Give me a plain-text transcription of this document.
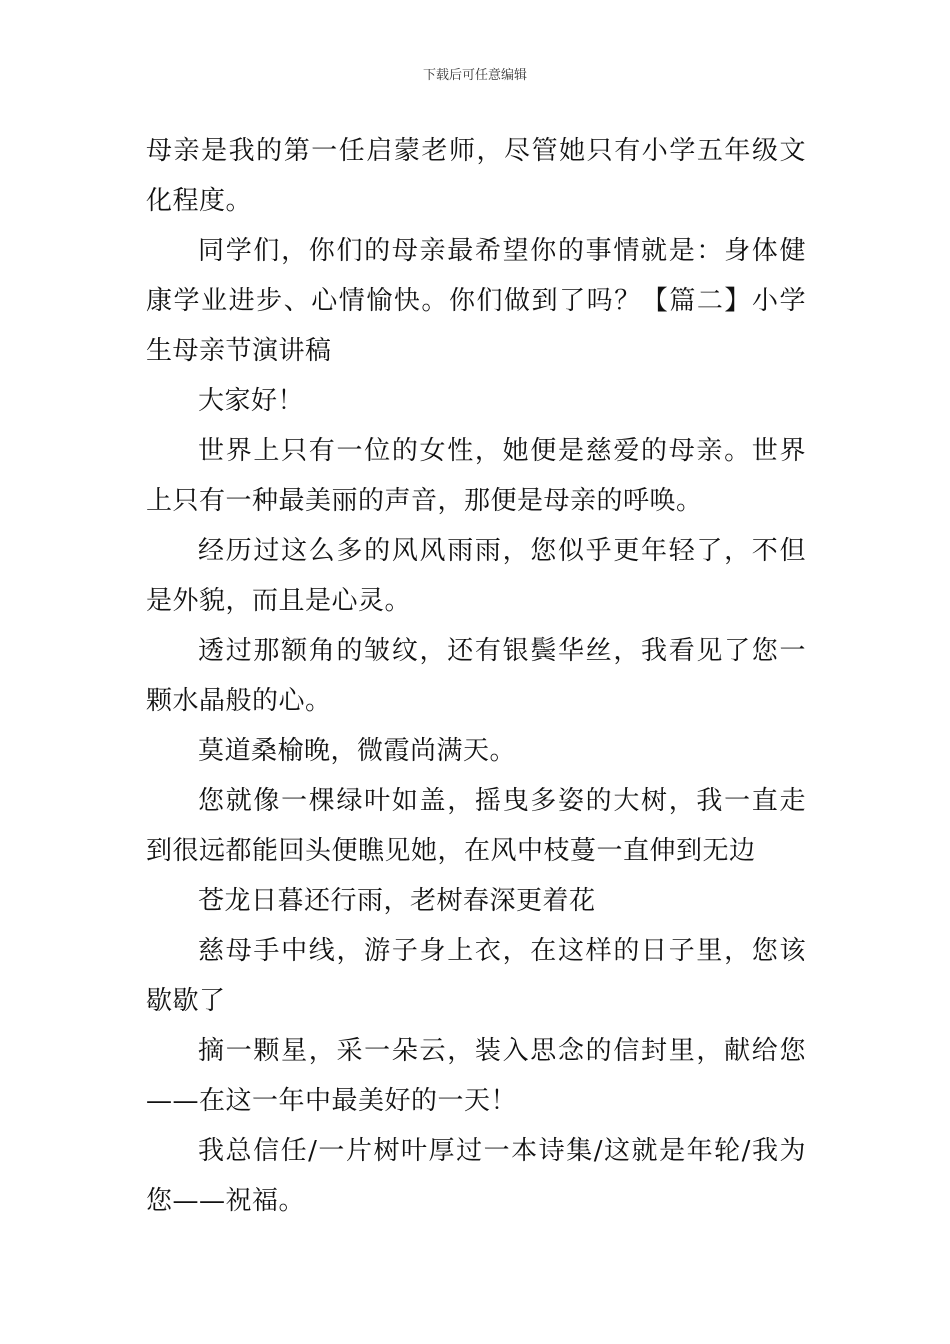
下载后可任意编辑

母亲是我的第一任启蒙老师，尽管她只有小学五年级文化程度。

同学们，你们的母亲最希望你的事情就是：身体健康学业进步、心情愉快。你们做到了吗？【篇二】小学生母亲节演讲稿

大家好！

世界上只有一位的女性，她便是慈爱的母亲。世界上只有一种最美丽的声音，那便是母亲的呼唤。

经历过这么多的风风雨雨，您似乎更年轻了，不但是外貌，而且是心灵。

透过那额角的皱纹，还有银鬓华丝，我看见了您一颗水晶般的心。

莫道桑榆晚，微霞尚满天。

您就像一棵绿叶如盖，摇曳多姿的大树，我一直走到很远都能回头便瞧见她，在风中枝蔓一直伸到无边

苍龙日暮还行雨，老树春深更着花

慈母手中线，游子身上衣，在这样的日子里，您该歇歇了

摘一颗星，采一朵云，装入思念的信封里，献给您——在这一年中最美好的一天！

我总信任/一片树叶厚过一本诗集/这就是年轮/我为您——祝福。
